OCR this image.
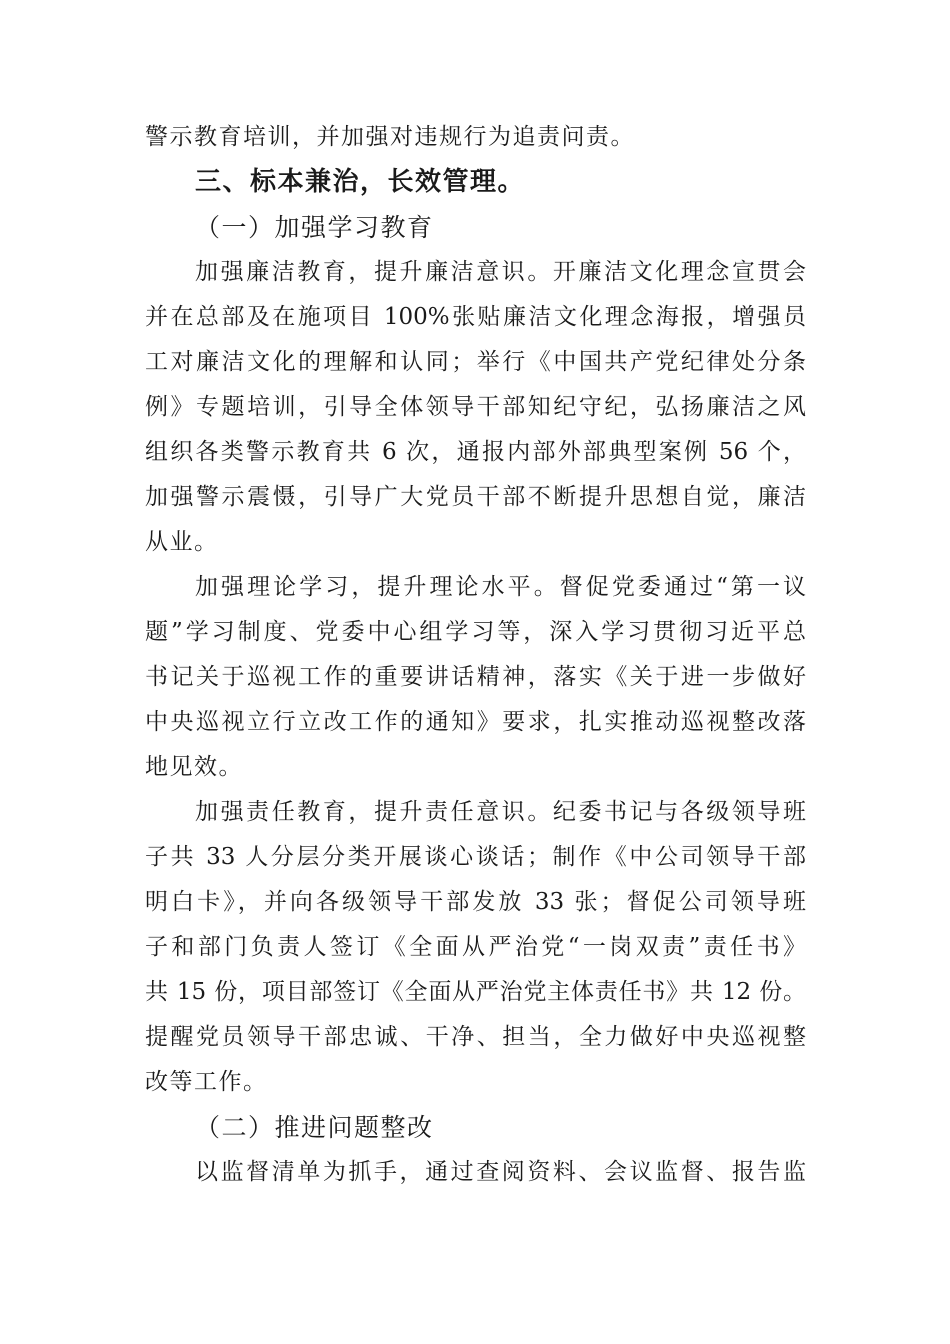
警示教育培训，并加强对违规行为追责问责。
三、标本兼治，长效管理。
（一）加强学习教育
加强廉洁教育，提升廉洁意识。开廉洁文化理念宣贯会
并在总部及在施项目 100%张贴廉洁文化理念海报，增强员
工对廉洁文化的理解和认同；举行《中国共产党纪律处分条
例》专题培训，引导全体领导干部知纪守纪，弘扬廉洁之风
组织各类警示教育共 6 次，通报内部外部典型案例 56 个，
加强警示震慑，引导广大党员干部不断提升思想自觉，廉洁
从业。
加强理论学习，提升理论水平。督促党委通过“第一议
题”学习制度、党委中心组学习等，深入学习贯彻习近平总
书记关于巡视工作的重要讲话精神，落实《关于进一步做好
中央巡视立行立改工作的通知》要求，扎实推动巡视整改落
地见效。
加强责任教育，提升责任意识。纪委书记与各级领导班
子共 33 人分层分类开展谈心谈话；制作《中公司领导干部
明白卡》，并向各级领导干部发放 33 张；督促公司领导班
子和部门负责人签订《全面从严治党“一岗双责”责任书》
共 15 份，项目部签订《全面从严治党主体责任书》共 12 份。
提醒党员领导干部忠诚、干净、担当，全力做好中央巡视整
改等工作。
（二）推进问题整改
以监督清单为抓手，通过查阅资料、会议监督、报告监
